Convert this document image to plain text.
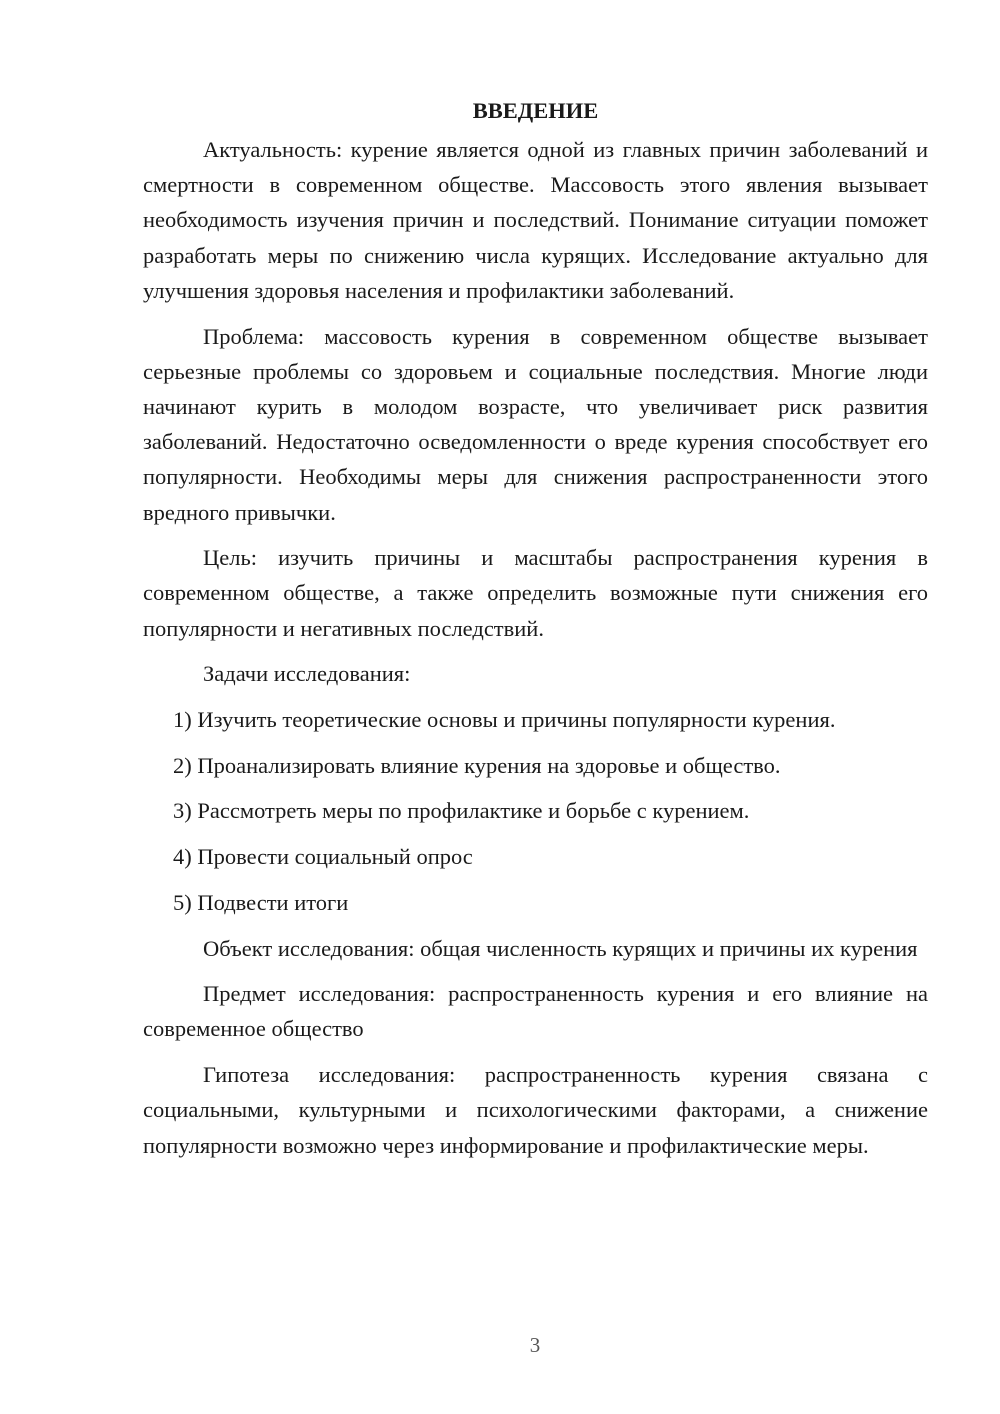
ВВЕДЕНИЕ

Актуальность: курение является одной из главных причин заболеваний и смертности в современном обществе. Массовость этого явления вызывает необходимость изучения причин и последствий. Понимание ситуации поможет разработать меры по снижению числа курящих. Исследование актуально для улучшения здоровья населения и профилактики заболеваний.

Проблема: массовость курения в современном обществе вызывает серьезные проблемы со здоровьем и социальные последствия. Многие люди начинают курить в молодом возрасте, что увеличивает риск развития заболеваний. Недостаточно осведомленности о вреде курения способствует его популярности. Необходимы меры для снижения распространенности этого вредного привычки.

Цель: изучить причины и масштабы распространения курения в современном обществе, а также определить возможные пути снижения его популярности и негативных последствий.

Задачи исследования:
1) Изучить теоретические основы и причины популярности курения.
2) Проанализировать влияние курения на здоровье и общество.
3) Рассмотреть меры по профилактике и борьбе с курением.
4) Провести социальный опрос
5) Подвести итоги

Объект исследования: общая численность курящих и причины их курения

Предмет исследования: распространенность курения и его влияние на современное общество

Гипотеза исследования: распространенность курения связана с социальными, культурными и психологическими факторами, а снижение популярности возможно через информирование и профилактические меры.

3
